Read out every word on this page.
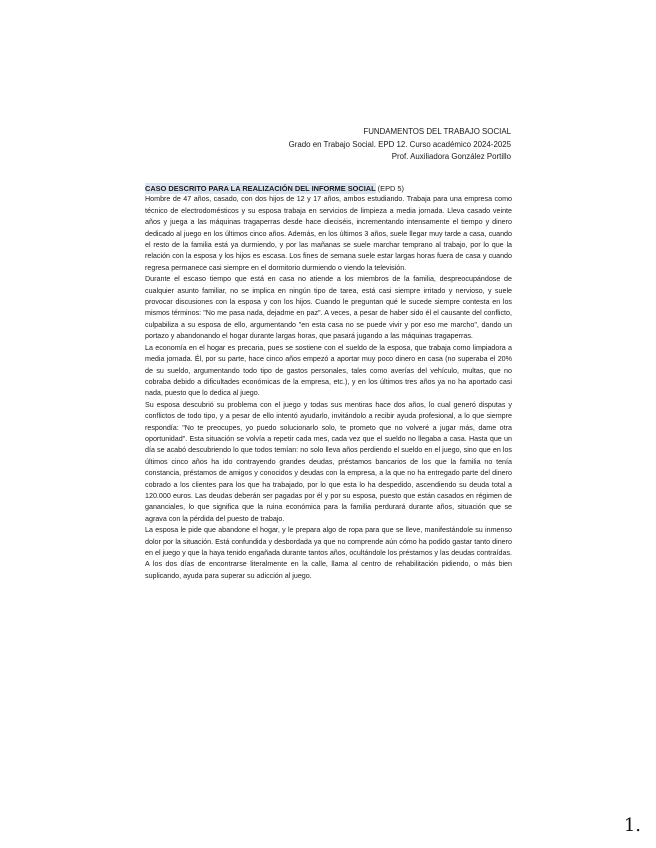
FUNDAMENTOS DEL TRABAJO SOCIAL
Grado en Trabajo Social. EPD 12. Curso académico 2024-2025
Prof. Auxiliadora González Portillo

CASO DESCRITO PARA LA REALIZACIÓN DEL INFORME SOCIAL (EPD 5)

Hombre de 47 años, casado, con dos hijos de 12 y 17 años, ambos estudiando. Trabaja para una empresa como técnico de electrodomésticos y su esposa trabaja en servicios de limpieza a media jornada. Lleva casado veinte años y juega a las máquinas tragaperras desde hace dieciséis, incrementando intensamente el tiempo y dinero dedicado al juego en los últimos cinco años. Además, en los últimos 3 años, suele llegar muy tarde a casa, cuando el resto de la familia está ya durmiendo, y por las mañanas se suele marchar temprano al trabajo, por lo que la relación con la esposa y los hijos es escasa. Los fines de semana suele estar largas horas fuera de casa y cuando regresa permanece casi siempre en el dormitorio durmiendo o viendo la televisión.

Durante el escaso tiempo que está en casa no atiende a los miembros de la familia, despreocupándose de cualquier asunto familiar, no se implica en ningún tipo de tarea, está casi siempre irritado y nervioso, y suele provocar discusiones con la esposa y con los hijos. Cuando le preguntan qué le sucede siempre contesta en los mismos términos: "No me pasa nada, dejadme en paz". A veces, a pesar de haber sido él el causante del conflicto, culpabiliza a su esposa de ello, argumentando "en esta casa no se puede vivir y por eso me marcho", dando un portazo y abandonando el hogar durante largas horas, que pasará jugando a las máquinas tragaperras.

La economía en el hogar es precaria, pues se sostiene con el sueldo de la esposa, que trabaja como limpiadora a media jornada. Él, por su parte, hace cinco años empezó a aportar muy poco dinero en casa (no superaba el 20% de su sueldo, argumentando todo tipo de gastos personales, tales como averías del vehículo, multas, que no cobraba debido a dificultades económicas de la empresa, etc.), y en los últimos tres años ya no ha aportado casi nada, puesto que lo dedica al juego.

Su esposa descubrió su problema con el juego y todas sus mentiras hace dos años, lo cual generó disputas y conflictos de todo tipo, y a pesar de ello intentó ayudarlo, invitándolo a recibir ayuda profesional, a lo que siempre respondía: "No te preocupes, yo puedo solucionarlo solo, te prometo que no volveré a jugar más, dame otra oportunidad". Esta situación se volvía a repetir cada mes, cada vez que el sueldo no llegaba a casa. Hasta que un día se acabó descubriendo lo que todos temían: no solo lleva años perdiendo el sueldo en el juego, sino que en los últimos cinco años ha ido contrayendo grandes deudas, préstamos bancarios de los que la familia no tenía constancia, préstamos de amigos y conocidos y deudas con la empresa, a la que no ha entregado parte del dinero cobrado a los clientes para los que ha trabajado, por lo que esta lo ha despedido, ascendiendo su deuda total a 120.000 euros. Las deudas deberán ser pagadas por él y por su esposa, puesto que están casados en régimen de gananciales, lo que significa que la ruina económica para la familia perdurará durante años, situación que se agrava con la pérdida del puesto de trabajo.

La esposa le pide que abandone el hogar, y le prepara algo de ropa para que se lleve, manifestándole su inmenso dolor por la situación. Está confundida y desbordada ya que no comprende aún cómo ha podido gastar tanto dinero en el juego y que la haya tenido engañada durante tantos años, ocultándole los préstamos y las deudas contraídas. A los dos días de encontrarse literalmente en la calle, llama al centro de rehabilitación pidiendo, o más bien suplicando, ayuda para superar su adicción al juego.

1.
